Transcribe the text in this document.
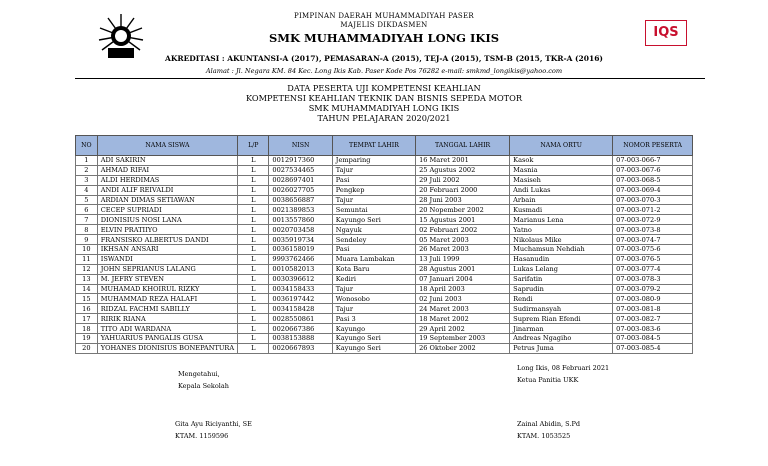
IQS
PIMPINAN DAERAH MUHAMMADIYAH PASER
MAJELIS DIKDASMEN
SMK MUHAMMADIYAH LONG IKIS
AKREDITASI : AKUNTANSI-A (2017), PEMASARAN-A (2015), TEJ-A (2015), TSM-B (2015, TKR-A (2016)
Alamat : Jl. Negara KM. 84 Kec. Long Ikis Kab. Paser Kode Pos 76282 e-mail: smkmd_longikis@yahoo.com
DATA PESERTA UJI KOMPETENSI KEAHLIAN
KOMPETENSI KEAHLIAN TEKNIK DAN BISNIS SEPEDA MOTOR
SMK MUHAMMADIYAH LONG IKIS
TAHUN PELAJARAN 2020/2021
NO	NAMA SISWA	L/P	NISN	TEMPAT LAHIR	TANGGAL LAHIR	NAMA ORTU	NOMOR PESERTA
1	ADI SAKIRIN	L	0012917360	Jemparing	16 Maret 2001	Kasok	07-003-066-7
2	AHMAD RIFAI	L	0027534465	Tajur	25 Agustus 2002	Masnia	07-003-067-6
3	ALDI HERDIMAS	L	0028697401	Pasi	29 Juli 2002	Masiseh	07-003-068-5
4	ANDI ALIF REIVALDI	L	0026027705	Pengkep	20 Februari 2000	Andi Lukas	07-003-069-4
5	ARDIAN DIMAS SETIAWAN	L	0038656887	Tajur	28 Juni 2003	Arbain	07-003-070-3
6	CECEP SUPRIADI	L	0021389853	Semuntai	20 Nopember 2002	Kusmadi	07-003-071-2
7	DIONISIUS NOSI LANA	L	0013557860	Kayungo Seri	15 Agustus 2001	Marianus Lena	07-003-072-9
8	ELVIN PRATIIYO	L	0020703458	Ngayuk	02 Februari 2002	Yatno	07-003-073-8
9	FRANSISKO ALBERTUS DANDI	L	0035919734	Sendeley	05 Maret 2003	Nikolaus Mike	07-003-074-7
10	IKHSAN ANSARI	L	0036158019	Pasi	26 Maret 2003	Muchamsun Nehdiah	07-003-075-6
11	ISWANDI	L	9993762466	Muara Lambakan	13 Juli 1999	Hasanudin	07-003-076-5
12	JOHN SEPRIANUS LALANG	L	0010582013	Kota Baru	28 Agustus 2001	Lukas Lelang	07-003-077-4
13	M. JEFRY STEVEN	L	0030396612	Kediri	07 Januari 2004	Sarifatin	07-003-078-3
14	MUHAMAD KHOIRUL RIZKY	L	0034158433	Tajur	18 April 2003	Saprudin	07-003-079-2
15	MUHAMMAD REZA HALAFI	L	0036197442	Wonosobo	02 Juni 2003	Rendi	07-003-080-9
16	RIDZAL FACHMI SABILLY	L	0034158428	Tajur	24 Maret 2003	Sudirmansyah	07-003-081-8
17	RIRIK RIANA	L	0028550861	Pasi 3	18 Maret 2002	Suprem Rian Efendi	07-003-082-7
18	TITO ADI WARDANA	L	0020667386	Kayungo	29 April 2002	Jinarman	07-003-083-6
19	YAHUARIUS PANGALIS GUSA	L	0038153888	Kayungo Seri	19 September 2003	Andreas Ngagiho	07-003-084-5
20	YOHANES DIONISIUS BONEPANTURA	L	0020667893	Kayungo Seri	26 Oktober 2002	Petrus Juma	07-003-085-4
Mengetahui,
Kepala Sekolah
Gita Ayu Riciyanthi, SE
KTAM. 1159596
Long Ikis, 08 Februari 2021
Ketua Panitia UKK
Zainal Abidin, S.Pd
KTAM. 1053525
